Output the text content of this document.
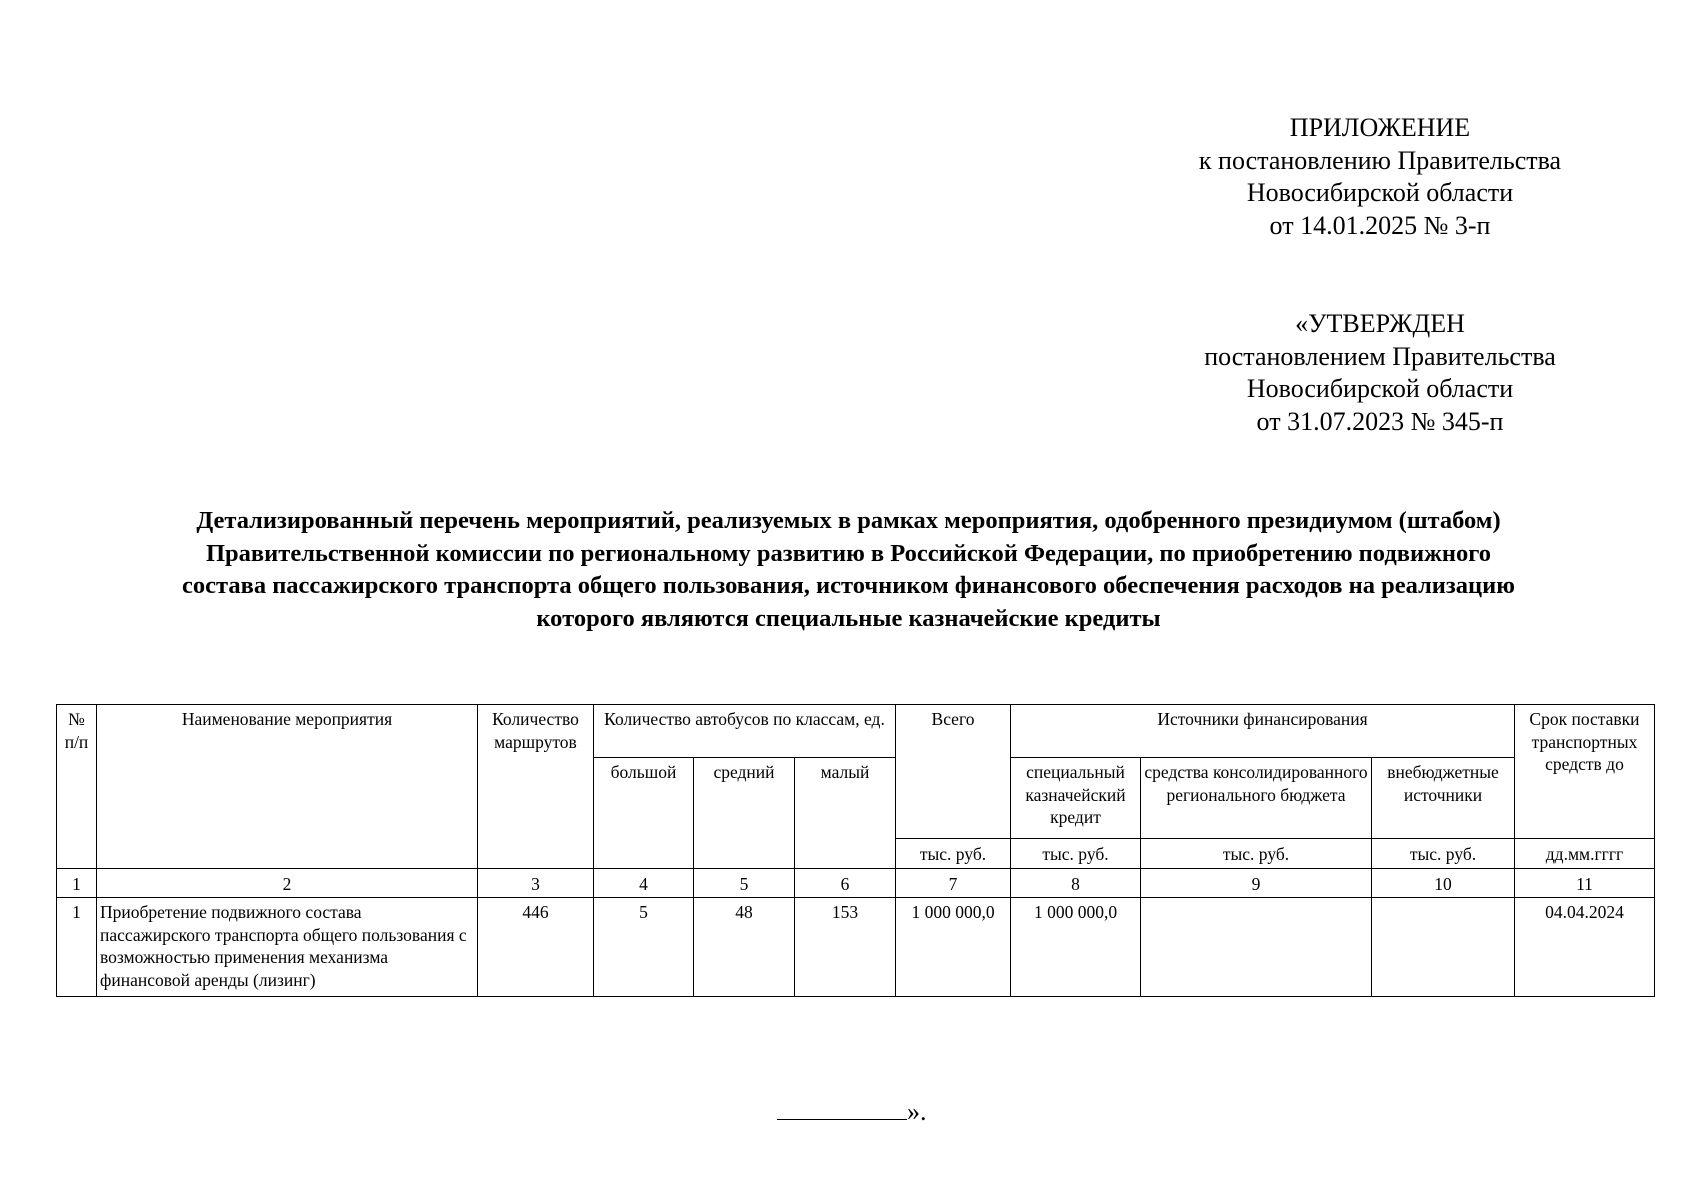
ПРИЛОЖЕНИЕ
к постановлению Правительства
Новосибирской области
от 14.01.2025 № 3-п
«УТВЕРЖДЕН
постановлением Правительства
Новосибирской области
от 31.07.2023 № 345-п
Детализированный перечень мероприятий, реализуемых в рамках мероприятия, одобренного президиумом (штабом)
Правительственной комиссии по региональному развитию в Российской Федерации, по приобретению подвижного
состава пассажирского транспорта общего пользования, источником финансового обеспечения расходов на реализацию
которого являются специальные казначейские кредиты
№ п/п	Наименование мероприятия	Количество маршрутов	Количество автобусов по классам, ед.			Всего	Источники финансирования			Срок поставки транспортных средств до
			большой	средний	малый		специальный казначейский кредит	средства консолидированного регионального бюджета	внебюджетные источники	
						тыс. руб.	тыс. руб.	тыс. руб.	тыс. руб.	дд.мм.гггг
1	2	3	4	5	6	7	8	9	10	11
1	Приобретение подвижного состава пассажирского транспорта общего пользования с возможностью применения механизма финансовой аренды (лизинг)	446	5	48	153	1 000 000,0	1 000 000,0			04.04.2024
».
